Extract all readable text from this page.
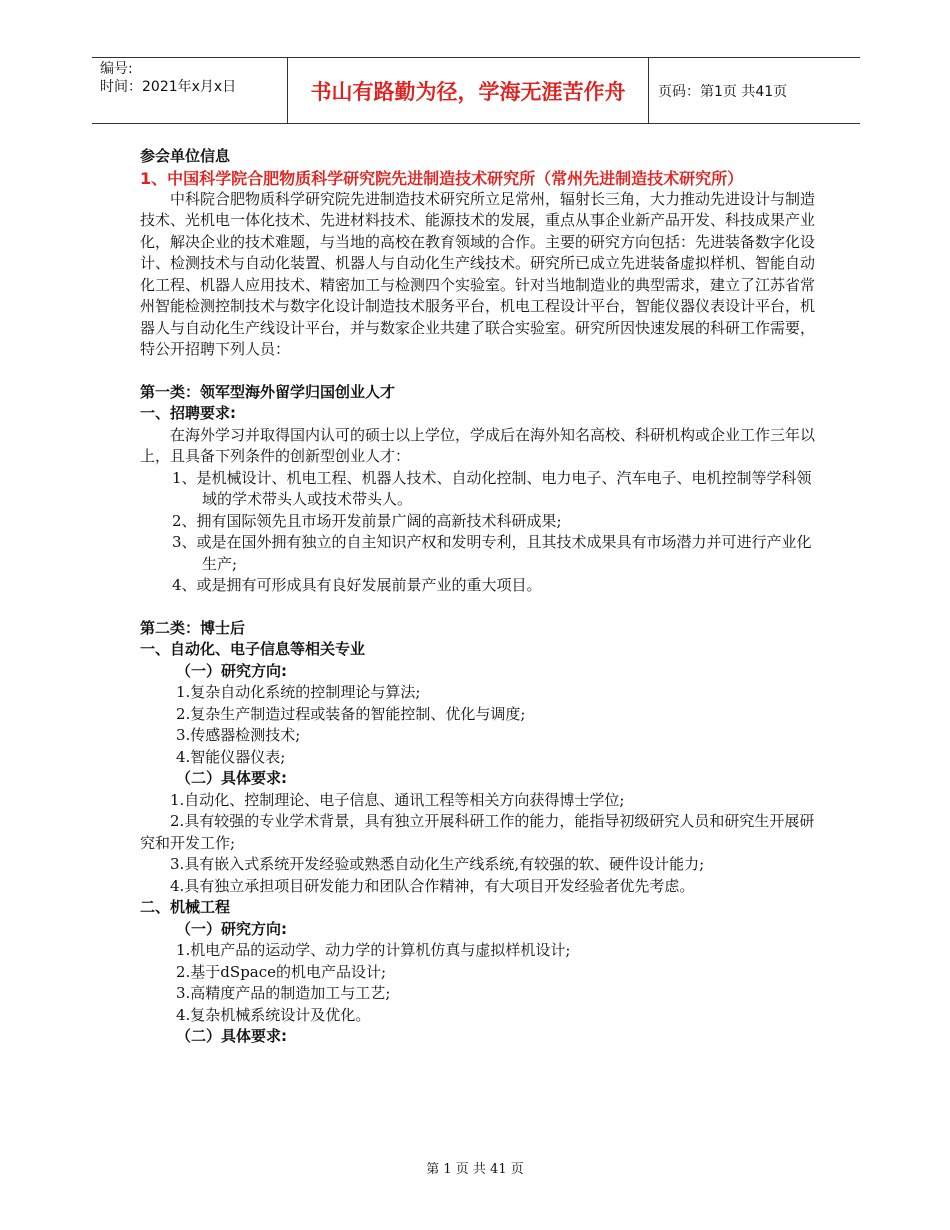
编号:
时间：2021年x月x日	书山有路勤为径，学海无涯苦作舟	页码：第1页 共41页

参会单位信息

1、中国科学院合肥物质科学研究院先进制造技术研究所（常州先进制造技术研究所）

中科院合肥物质科学研究院先进制造技术研究所立足常州，辐射长三角，大力推动先进设计与制造技术、光机电一体化技术、先进材料技术、能源技术的发展，重点从事企业新产品开发、科技成果产业化，解决企业的技术难题，与当地的高校在教育领域的合作。主要的研究方向包括：先进装备数字化设计、检测技术与自动化装置、机器人与自动化生产线技术。研究所已成立先进装备虚拟样机、智能自动化工程、机器人应用技术、精密加工与检测四个实验室。针对当地制造业的典型需求，建立了江苏省常州智能检测控制技术与数字化设计制造技术服务平台，机电工程设计平台，智能仪器仪表设计平台，机器人与自动化生产线设计平台，并与数家企业共建了联合实验室。研究所因快速发展的科研工作需要，特公开招聘下列人员：

第一类：领军型海外留学归国创业人才

一、招聘要求:

在海外学习并取得国内认可的硕士以上学位，学成后在海外知名高校、科研机构或企业工作三年以上，且具备下列条件的创新型创业人才：

1、是机械设计、机电工程、机器人技术、自动化控制、电力电子、汽车电子、电机控制等学科领域的学术带头人或技术带头人。

2、拥有国际领先且市场开发前景广阔的高新技术科研成果;

3、或是在国外拥有独立的自主知识产权和发明专利，且其技术成果具有市场潜力并可进行产业化生产;

4、或是拥有可形成具有良好发展前景产业的重大项目。

第二类：博士后

一、自动化、电子信息等相关专业

（一）研究方向:

1.复杂自动化系统的控制理论与算法;

2.复杂生产制造过程或装备的智能控制、优化与调度;

3.传感器检测技术;

4.智能仪器仪表;

（二）具体要求:

1.自动化、控制理论、电子信息、通讯工程等相关方向获得博士学位;

2.具有较强的专业学术背景，具有独立开展科研工作的能力，能指导初级研究人员和研究生开展研究和开发工作;

3.具有嵌入式系统开发经验或熟悉自动化生产线系统,有较强的软、硬件设计能力;

4.具有独立承担项目研发能力和团队合作精神，有大项目开发经验者优先考虑。

二、机械工程

（一）研究方向:

1.机电产品的运动学、动力学的计算机仿真与虚拟样机设计;

2.基于dSpace的机电产品设计;

3.高精度产品的制造加工与工艺;

4.复杂机械系统设计及优化。

（二）具体要求:

第 1 页 共 41 页
